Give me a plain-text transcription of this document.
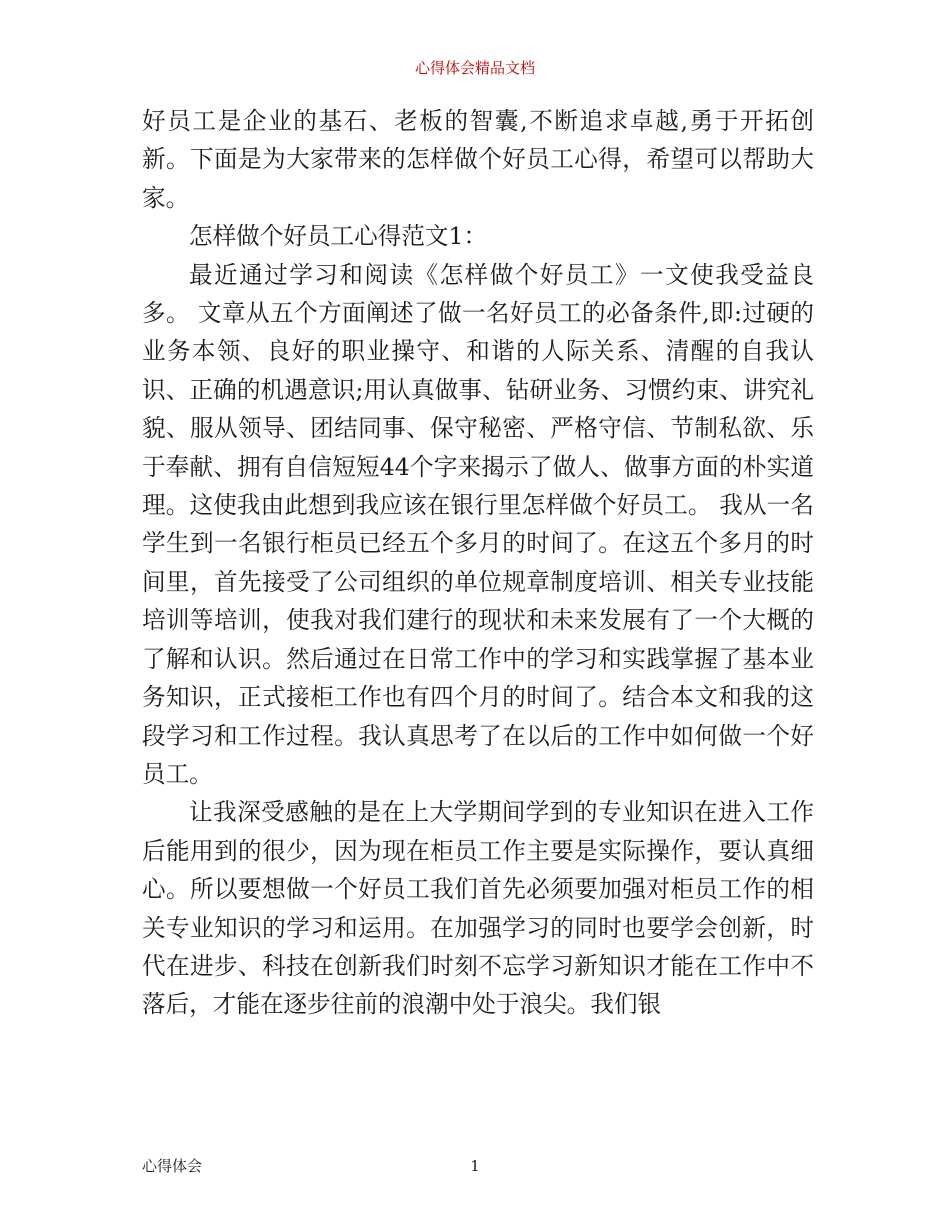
心得体会精品文档

好员工是企业的基石、老板的智囊,不断追求卓越,勇于开拓创新。下面是为大家带来的怎样做个好员工心得，希望可以帮助大家。

怎样做个好员工心得范文1：

最近通过学习和阅读《怎样做个好员工》一文使我受益良多。 文章从五个方面阐述了做一名好员工的必备条件,即:过硬的业务本领、良好的职业操守、和谐的人际关系、清醒的自我认识、正确的机遇意识;用认真做事、钻研业务、习惯约束、讲究礼貌、服从领导、团结同事、保守秘密、严格守信、节制私欲、乐于奉献、拥有自信短短44个字来揭示了做人、做事方面的朴实道理。这使我由此想到我应该在银行里怎样做个好员工。 我从一名学生到一名银行柜员已经五个多月的时间了。在这五个多月的时间里，首先接受了公司组织的单位规章制度培训、相关专业技能培训等培训，使我对我们建行的现状和未来发展有了一个大概的了解和认识。然后通过在日常工作中的学习和实践掌握了基本业务知识，正式接柜工作也有四个月的时间了。结合本文和我的这段学习和工作过程。我认真思考了在以后的工作中如何做一个好员工。

让我深受感触的是在上大学期间学到的专业知识在进入工作后能用到的很少，因为现在柜员工作主要是实际操作，要认真细心。所以要想做一个好员工我们首先必须要加强对柜员工作的相关专业知识的学习和运用。在加强学习的同时也要学会创新，时代在进步、科技在创新我们时刻不忘学习新知识才能在工作中不落后，才能在逐步往前的浪潮中处于浪尖。我们银

心得体会	1
